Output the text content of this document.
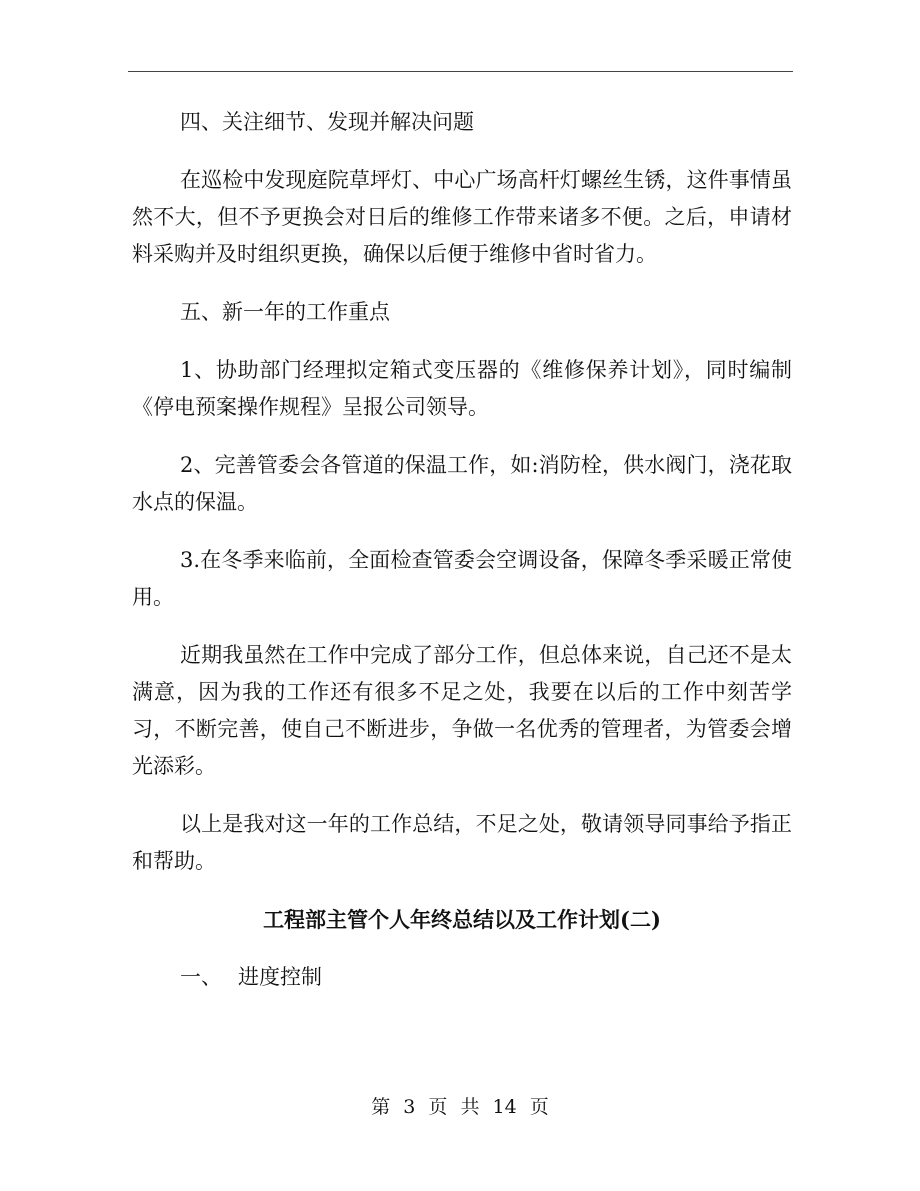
四、关注细节、发现并解决问题

在巡检中发现庭院草坪灯、中心广场高杆灯螺丝生锈，这件事情虽然不大，但不予更换会对日后的维修工作带来诸多不便。之后，申请材料采购并及时组织更换，确保以后便于维修中省时省力。

五、新一年的工作重点

1、协助部门经理拟定箱式变压器的《维修保养计划》，同时编制《停电预案操作规程》呈报公司领导。

2、完善管委会各管道的保温工作，如:消防栓，供水阀门，浇花取水点的保温。

3.在冬季来临前，全面检查管委会空调设备，保障冬季采暖正常使用。

近期我虽然在工作中完成了部分工作，但总体来说，自己还不是太满意，因为我的工作还有很多不足之处，我要在以后的工作中刻苦学习，不断完善，使自己不断进步，争做一名优秀的管理者，为管委会增光添彩。

以上是我对这一年的工作总结，不足之处，敬请领导同事给予指正和帮助。

工程部主管个人年终总结以及工作计划(二)

一、 进度控制

第 3 页 共 14 页
